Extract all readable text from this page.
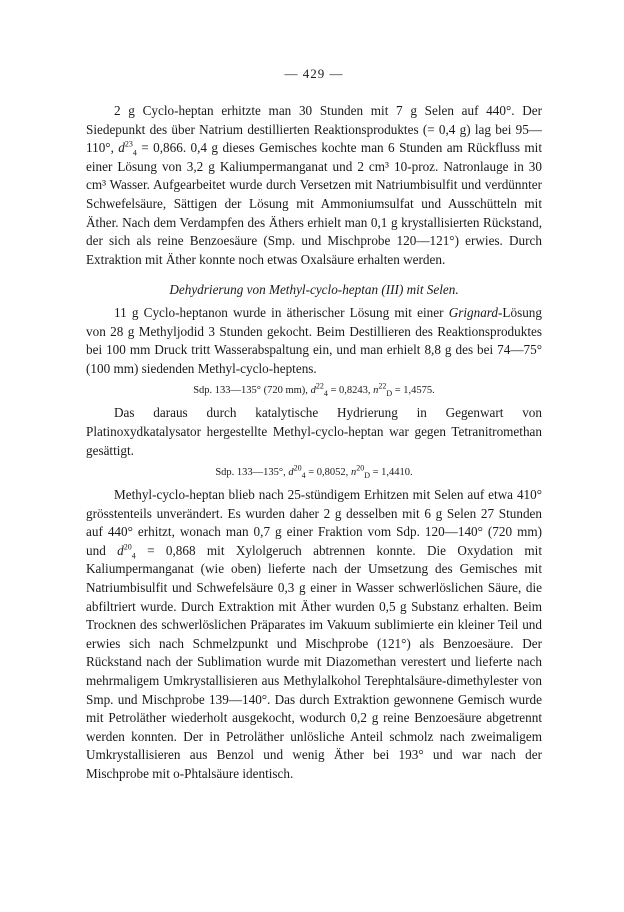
— 429 —

2 g Cyclo-heptan erhitzte man 30 Stunden mit 7 g Selen auf 440°. Der Siedepunkt des über Natrium destillierten Reaktionsproduktes (= 0,4 g) lag bei 95—110°, $d^{23}_4 = 0,866$. 0,4 g dieses Gemisches kochte man 6 Stunden am Rückfluss mit einer Lösung von 3,2 g Kaliumpermanganat und 2 cm³ 10-proz. Natronlauge in 30 cm³ Wasser. Aufgearbeitet wurde durch Versetzen mit Natriumbisulfit und verdünnter Schwefelsäure, Sättigen der Lösung mit Ammoniumsulfat und Ausschütteln mit Äther. Nach dem Verdampfen des Äthers erhielt man 0,1 g krystallisierten Rückstand, der sich als reine Benzoesäure (Smp. und Mischprobe 120—121°) erwies. Durch Extraktion mit Äther konnte noch etwas Oxalsäure erhalten werden.

Dehydrierung von Methyl-cyclo-heptan (III) mit Selen.

11 g Cyclo-heptanon wurde in ätherischer Lösung mit einer Grignard-Lösung von 28 g Methyljodid 3 Stunden gekocht. Beim Destillieren des Reaktionsproduktes bei 100 mm Druck tritt Wasserabspaltung ein, und man erhielt 8,8 g des bei 74—75° (100 mm) siedenden Methyl-cyclo-heptens.

Sdp. 133—135° (720 mm), $d^{22}_4 = 0,8243$, $n^{22}_D = 1,4575$.

Das daraus durch katalytische Hydrierung in Gegenwart von Platinoxydkatalysator hergestellte Methyl-cyclo-heptan war gegen Tetranitromethan gesättigt.

Sdp. 133—135°, $d^{20}_4 = 0,8052$, $n^{20}_D = 1,4410$.

Methyl-cyclo-heptan blieb nach 25-stündigem Erhitzen mit Selen auf etwa 410° grösstenteils unverändert. Es wurden daher 2 g desselben mit 6 g Selen 27 Stunden auf 440° erhitzt, wonach man 0,7 g einer Fraktion vom Sdp. 120—140° (720 mm) und $d^{20}_4 = 0,868$ mit Xylolgeruch abtrennen konnte. Die Oxydation mit Kaliumpermanganat (wie oben) lieferte nach der Umsetzung des Gemisches mit Natriumbisulfit und Schwefelsäure 0,3 g einer in Wasser schwerlöslichen Säure, die abfiltriert wurde. Durch Extraktion mit Äther wurden 0,5 g Substanz erhalten. Beim Trocknen des schwerlöslichen Präparates im Vakuum sublimierte ein kleiner Teil und erwies sich nach Schmelzpunkt und Mischprobe (121°) als Benzoesäure. Der Rückstand nach der Sublimation wurde mit Diazomethan verestert und lieferte nach mehrmaligem Umkrystallisieren aus Methylalkohol Terephtalsäure-dimethylester von Smp. und Mischprobe 139—140°. Das durch Extraktion gewonnene Gemisch wurde mit Petroläther wiederholt ausgekocht, wodurch 0,2 g reine Benzoesäure abgetrennt werden konnten. Der in Petroläther unlösliche Anteil schmolz nach zweimaligem Umkrystallisieren aus Benzol und wenig Äther bei 193° und war nach der Mischprobe mit o-Phtalsäure identisch.
